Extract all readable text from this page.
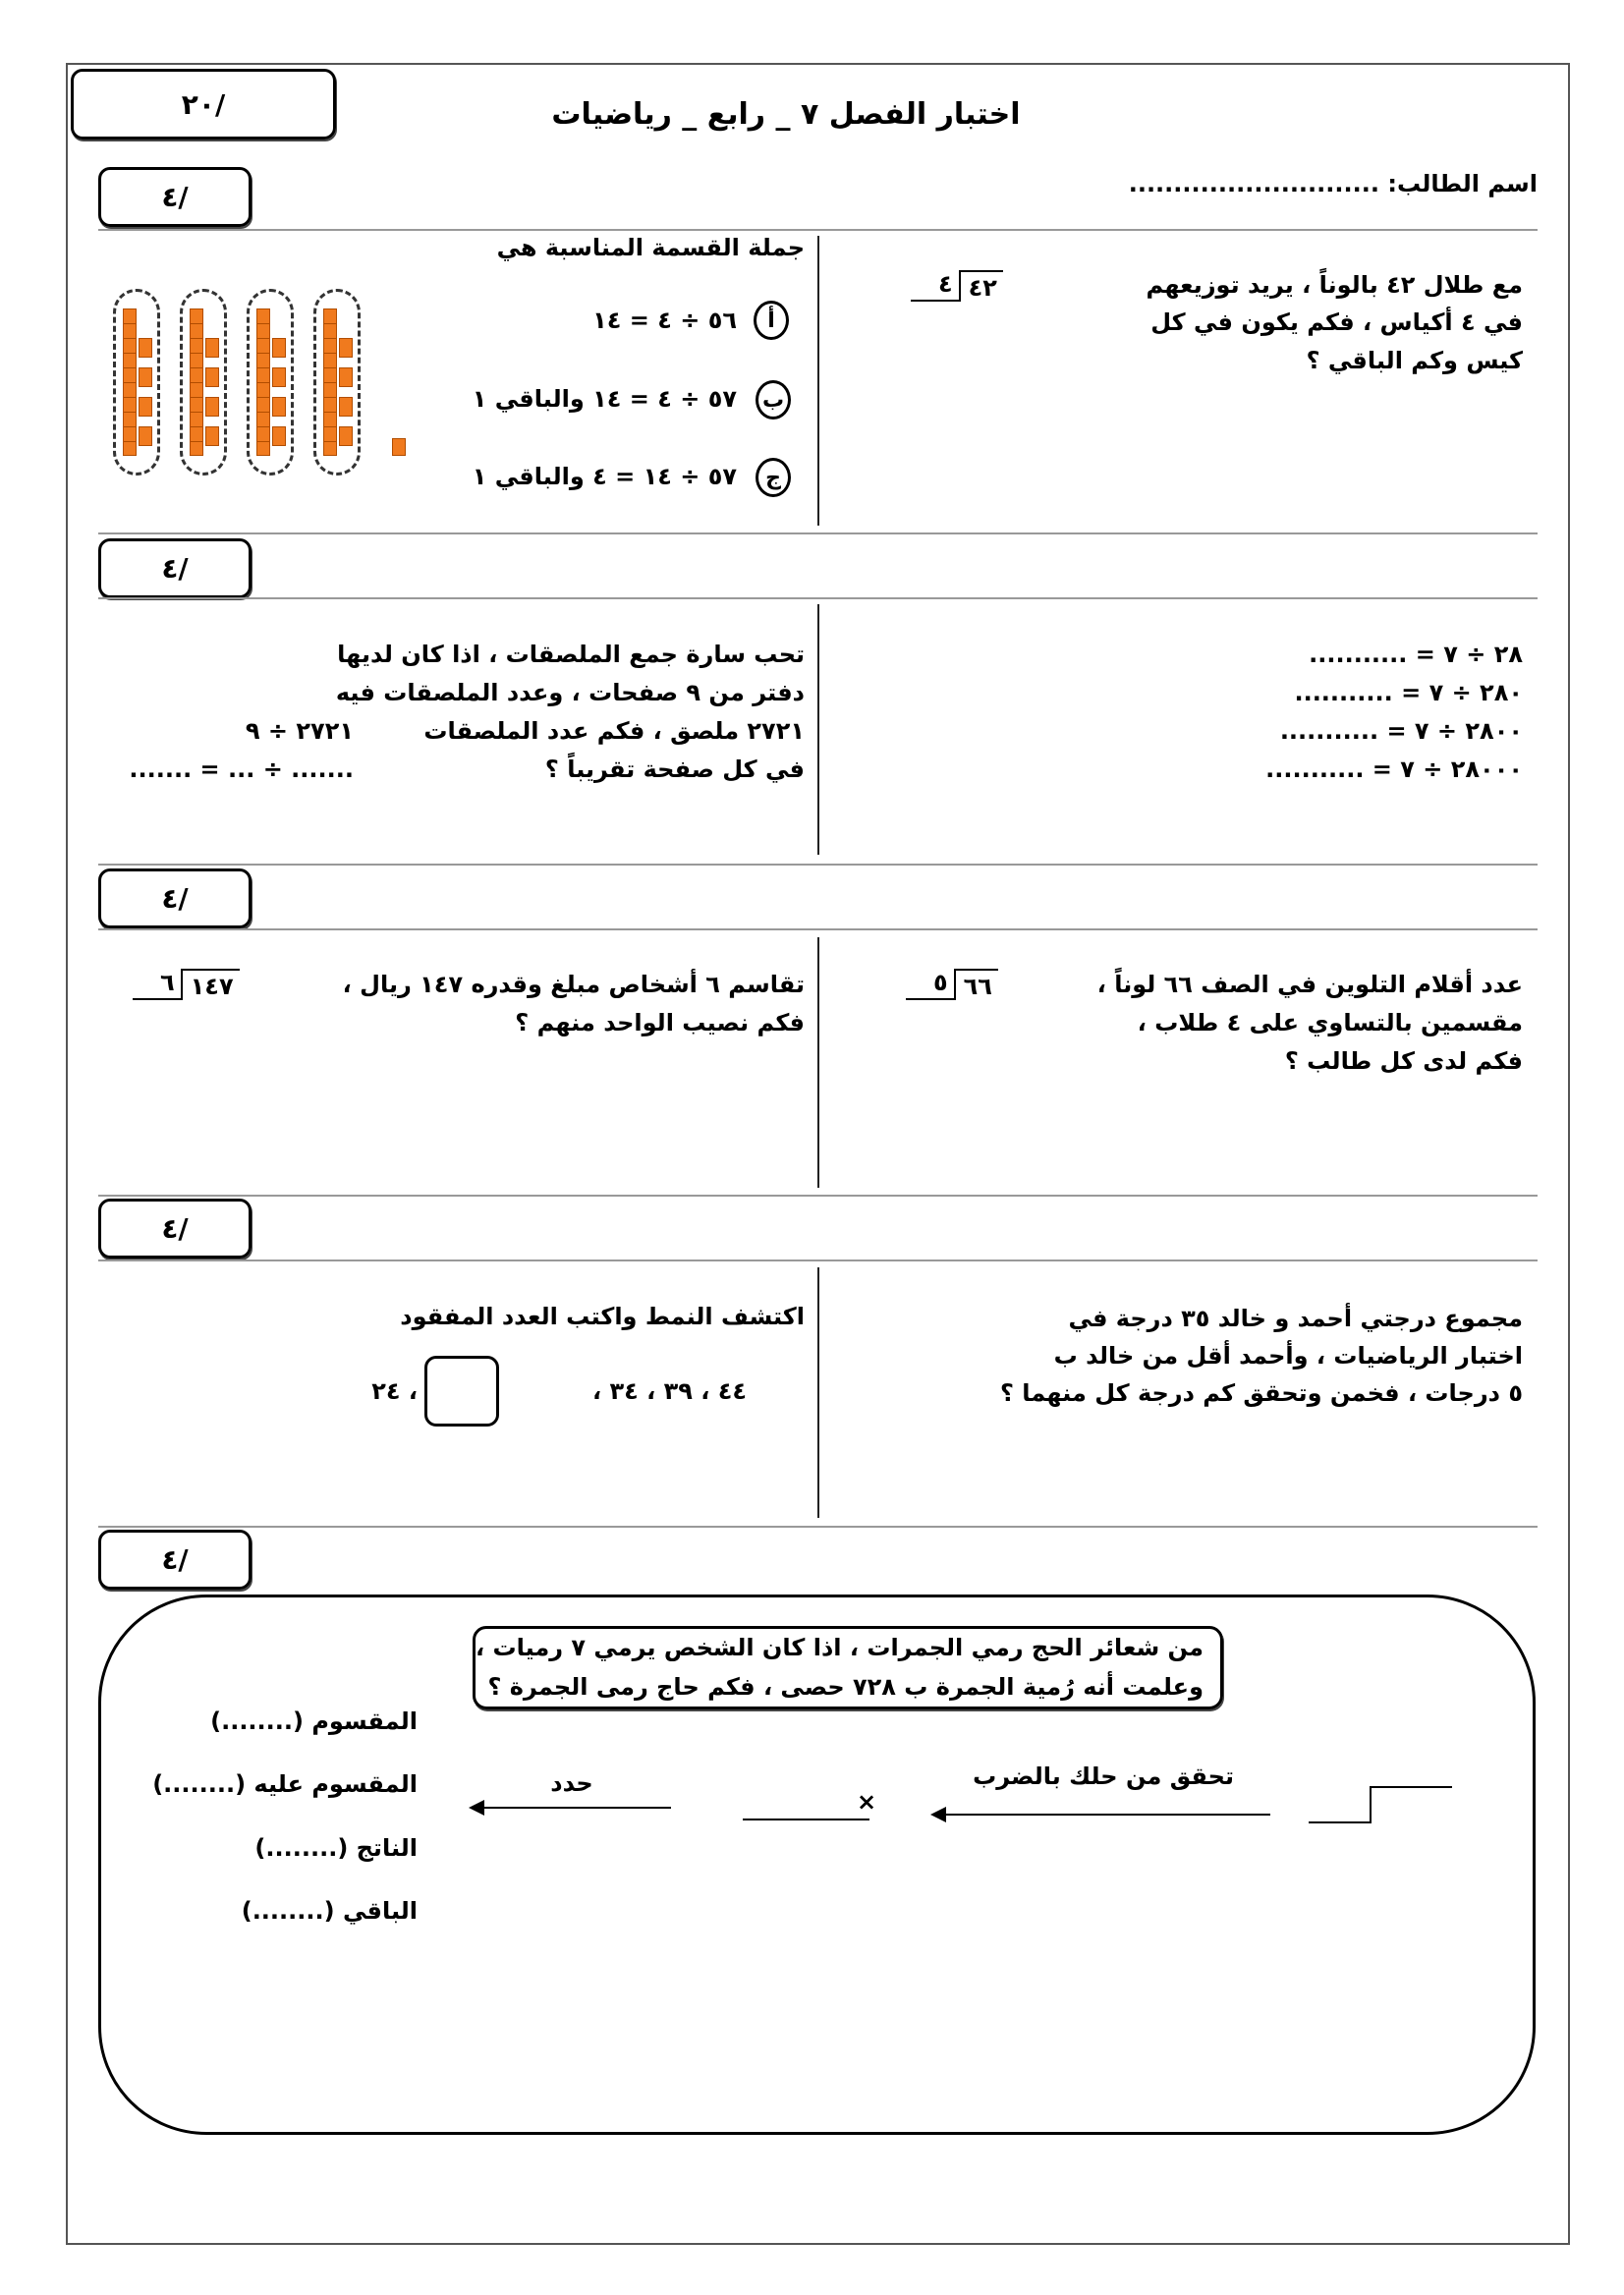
٢٠/	اختبار الفصل ٧ _ رابع _ رياضيات
اسم الطالب: ............................
٤/
مع طلال ٤٢ بالوناً ، يريد توزيعهم
في ٤ أكياس ، فكم يكون في كل
كيس وكم الباقي ؟
٤ ٤٢
جملة القسمة المناسبة هي
أ
٥٦ ÷ ٤ = ١٤
ب
٥٧ ÷ ٤ = ١٤ والباقي ١
ج
٥٧ ÷ ١٤ = ٤ والباقي ١
٤/
٢٨ ÷ ٧ = ...........
٢٨٠ ÷ ٧ = ...........
٢٨٠٠ ÷ ٧ = ...........
٢٨٠٠٠ ÷ ٧ = ...........
تحب سارة جمع الملصقات ، اذا كان لديها
دفتر من ٩ صفحات ، وعدد الملصقات فيه
٢٧٢١ ملصق ، فكم عدد الملصقات
في كل صفحة تقريباً ؟
٢٧٢١ ÷ ٩
....... ÷ ... = .......
٤/
عدد أقلام التلوين في الصف ٦٦ لوناً ،
مقسمين بالتساوي على ٤ طلاب ،
فكم لدى كل طالب ؟
٥ ٦٦
تقاسم ٦ أشخاص مبلغ وقدره ١٤٧ ريال ،
فكم نصيب الواحد منهم ؟
٦ ١٤٧
٤/
مجموع درجتي أحمد و خالد ٣٥ درجة في
اختبار الرياضيات ، وأحمد أقل من خالد ب
٥ درجات ، فخمن وتحقق كم درجة كل منهما ؟
اكتشف النمط واكتب العدد المفقود
٤٤ ، ٣٩ ، ٣٤ ،
، ٢٤
٤/
من شعائر الحج رمي الجمرات ، اذا كان الشخص يرمي ٧ رميات ،
وعلمت أنه رُمية الجمرة ب ٧٢٨ حصى ، فكم حاج رمى الجمرة ؟
المقسوم (........)
المقسوم عليه (........)
الناتج (........)
الباقي (........)
تحقق من حلك بالضرب
×
حدد
